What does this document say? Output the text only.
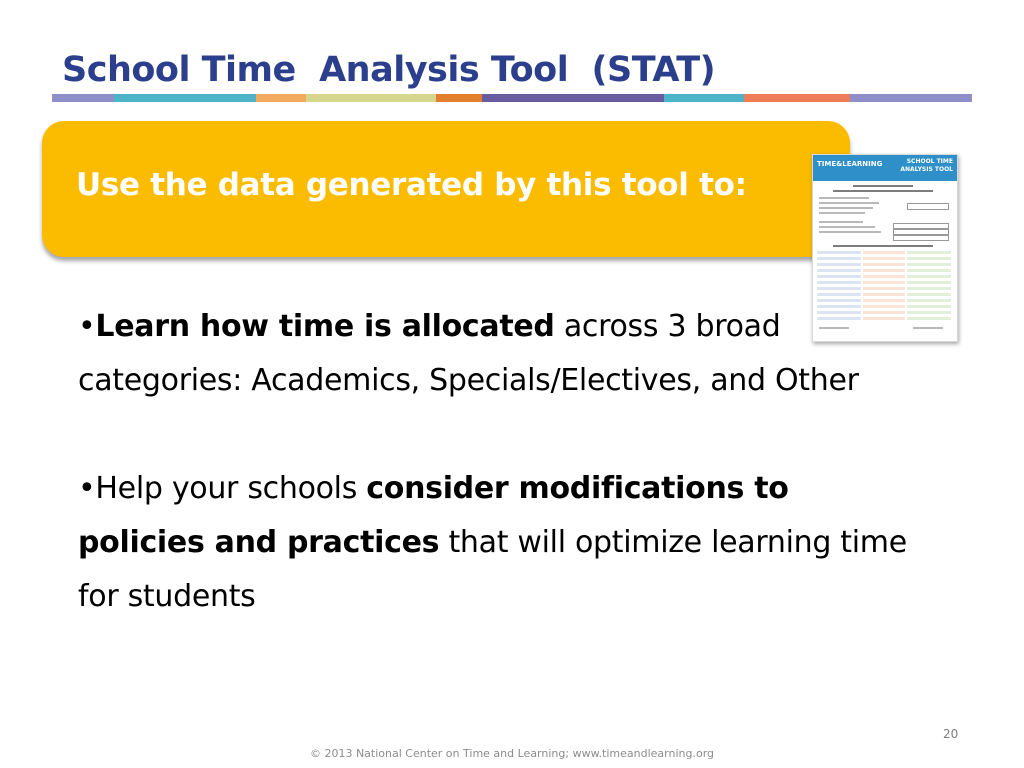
School Time  Analysis Tool  (STAT)
Use the data generated by this tool to:
TIME&LEARNING	SCHOOL TIME
ANALYSIS TOOL

•Learn how time is allocated across 3 broad categories: Academics, Specials/Electives, and Other

•Help your schools consider modifications to policies and practices that will optimize learning time for students

20
© 2013 National Center on Time and Learning; www.timeandlearning.org
